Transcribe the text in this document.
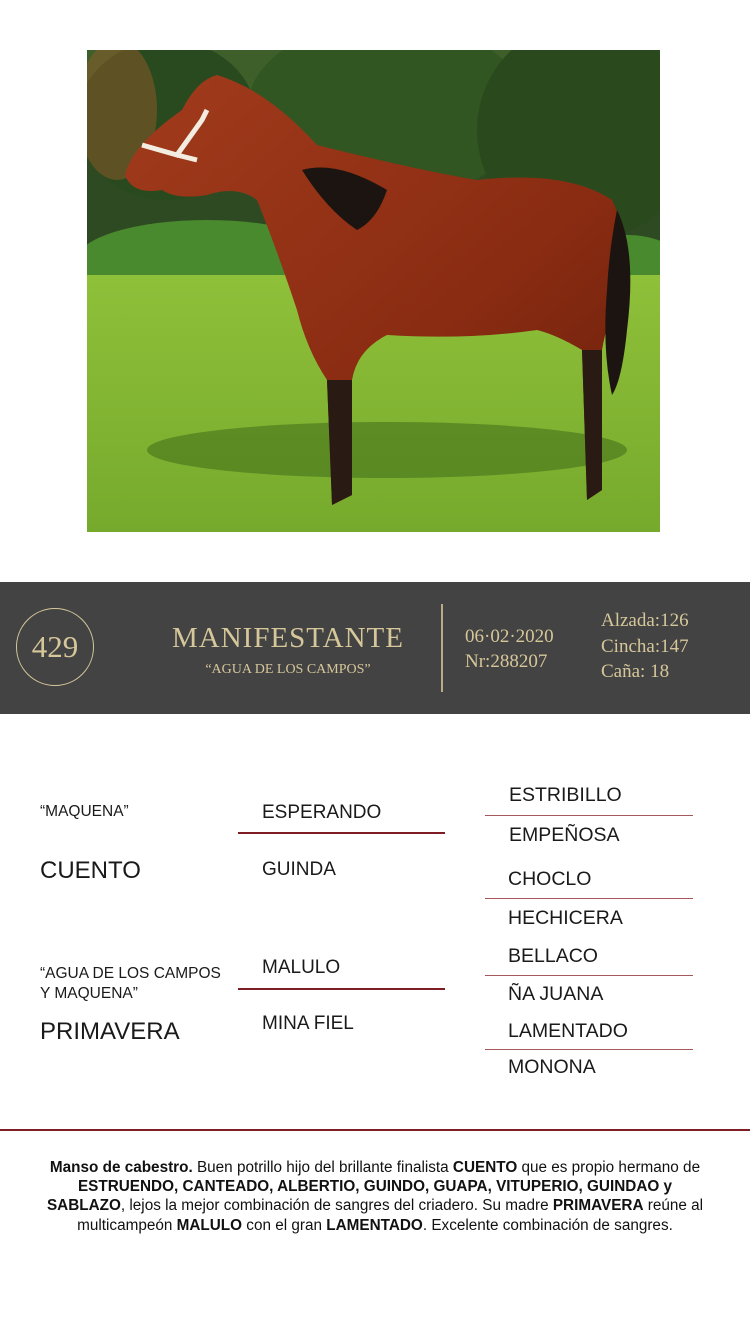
429	MANIFESTANTE
“AGUA DE LOS CAMPOS”
06·02·2020
Nr:288207
Alzada:126
Cincha:147
Caña: 18
“MAQUENA”
CUENTO
“AGUA DE LOS CAMPOS
Y MAQUENA”
PRIMAVERA
ESPERANDO
GUINDA
MALULO
MINA FIEL
ESTRIBILLO
EMPEÑOSA
CHOCLO
HECHICERA
BELLACO
ÑA JUANA
LAMENTADO
MONONA
Manso de cabestro. Buen potrillo hijo del brillante finalista CUENTO que es propio hermano de ESTRUENDO, CANTEADO, ALBERTIO, GUINDO, GUAPA, VITUPERIO, GUINDAO y SABLAZO, lejos la mejor combinación de sangres del criadero. Su madre PRIMAVERA reúne al multicampeón MALULO con el gran LAMENTADO. Excelente combinación de sangres.
